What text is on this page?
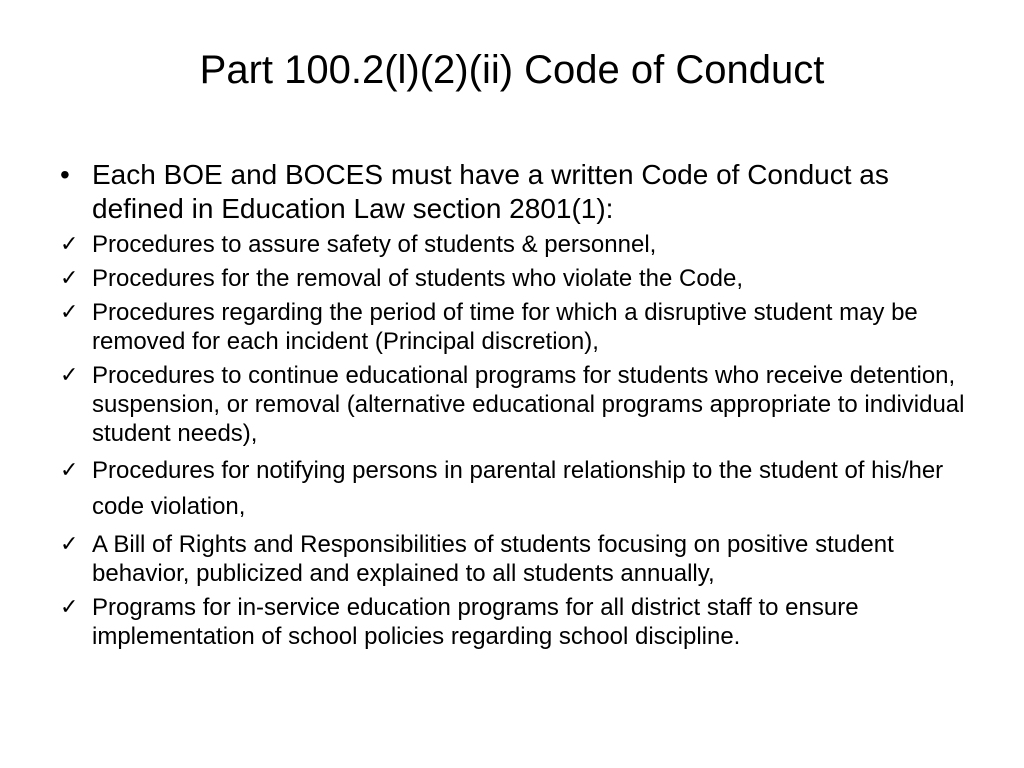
Part 100.2(l)(2)(ii) Code of Conduct
• Each BOE and BOCES must have a written Code of Conduct as defined in Education Law section 2801(1):
✓ Procedures to assure safety of students & personnel,
✓ Procedures for the removal of students who violate the Code,
✓ Procedures regarding the period of time for which a disruptive student may be removed for each incident (Principal discretion),
✓ Procedures to continue educational programs for students who receive detention, suspension, or removal (alternative educational programs appropriate to individual student needs),
✓ Procedures for notifying persons in parental relationship to the student of his/her code violation,
✓ A Bill of Rights and Responsibilities of students focusing on positive student behavior, publicized and explained to all students annually,
✓ Programs for in-service education programs for all district staff to ensure implementation of school policies regarding school discipline.
